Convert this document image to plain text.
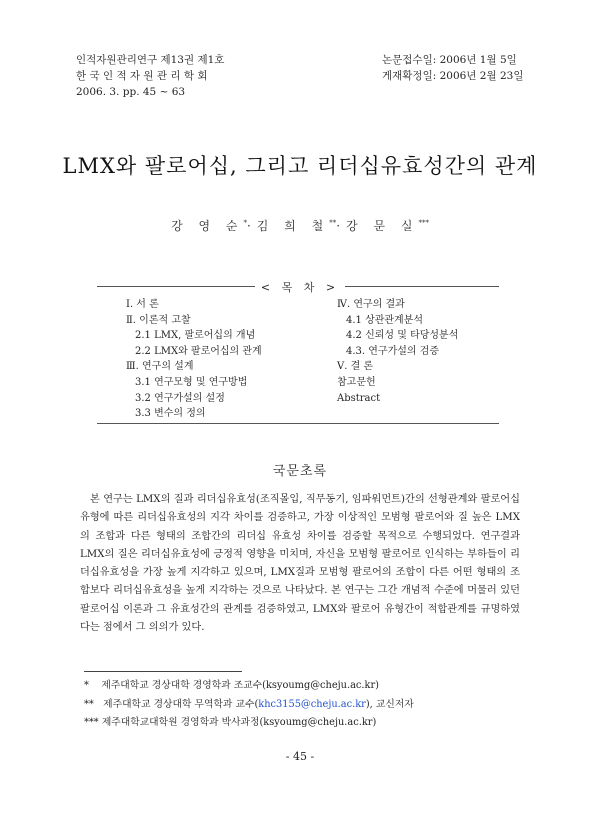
인적자원관리연구 제13권 제1호
한 국 인 적 자 원 관 리 학 회
2006. 3. pp. 45 ~ 63
논문접수일: 2006년 1월 5일
게재확정일: 2006년 2월 23일
LMX와 팔로어십, 그리고 리더십유효성간의 관계
강 영 순*·김 희 철**·강 문 실***
< 목 차 >
Ⅰ. 서 론
Ⅱ. 이론적 고찰
2.1 LMX, 팔로어십의 개념
2.2 LMX와 팔로어십의 관계
Ⅲ. 연구의 설계
3.1 연구모형 및 연구방법
3.2 연구가설의 설정
3.3 변수의 정의
Ⅳ. 연구의 결과
4.1 상관관계분석
4.2 신뢰성 및 타당성분석
4.3. 연구가설의 검증
Ⅴ. 결 론
참고문헌
Abstract
국문초록

본 연구는 LMX의 질과 리더십유효성(조직몰입, 직무동기, 임파워먼트)간의 선형관계와 팔로어십유형에 따른 리더십유효성의 지각 차이를 검증하고, 가장 이상적인 모범형 팔로어와 질 높은 LMX의 조합과 다른 형태의 조합간의 리더십 유효성 차이를 검증할 목적으로 수행되었다. 연구결과 LMX의 질은 리더십유효성에 긍정적 영향을 미치며, 자신을 모범형 팔로어로 인식하는 부하들이 리더십유효성을 가장 높게 지각하고 있으며, LMX질과 모범형 팔로어의 조합이 다른 어떤 형태의 조합보다 리더십유효성을 높게 지각하는 것으로 나타났다. 본 연구는 그간 개념적 수준에 머물러 있던 팔로어십 이론과 그 유효성간의 관계를 검증하였고, LMX와 팔로어 유형간이 적합관계를 규명하였다는 점에서 그 의의가 있다.

* 제주대학교 경상대학 경영학과 조교수(ksyoumg@cheju.ac.kr)
** 제주대학교 경상대학 무역학과 교수(khc3155@cheju.ac.kr), 교신저자
*** 제주대학교대학원 경영학과 박사과정(ksyoumg@cheju.ac.kr)
- 45 -
